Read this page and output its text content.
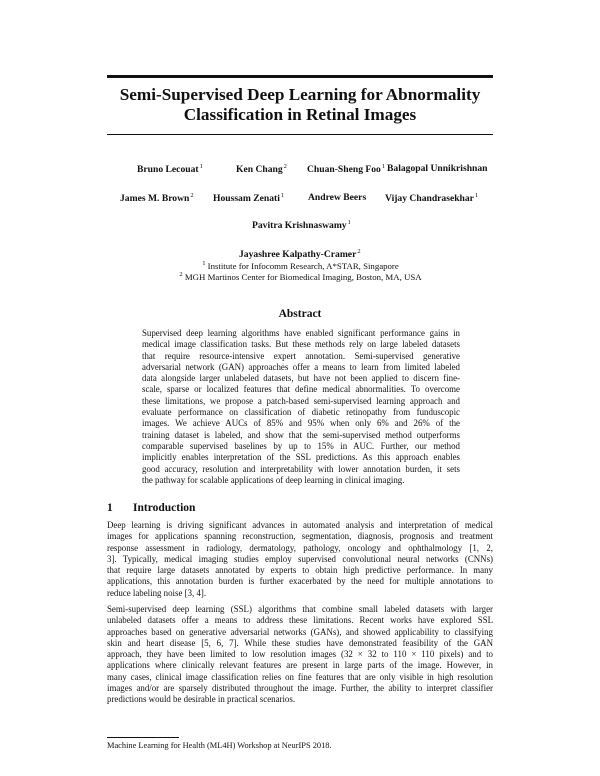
Semi-Supervised Deep Learning for Abnormality
Classification in Retinal Images
Bruno Lecouat$^1$	Ken Chang$^2$ Chuan-Sheng Foo$^1$ Balagopal Unnikrishnan
James M. Brown$^2$ Houssam Zenati$^1$ Andrew Beers Vijay Chandrasekhar$^1$
Pavitra Krishnaswamy$^1$
Jayashree Kalpathy-Cramer$^2$
$^1$ Institute for Infocomm Research, A*STAR, Singapore
$^2$ MGH Martinos Center for Biomedical Imaging, Boston, MA, USA
Abstract
Supervised deep learning algorithms have enabled significant performance gains in
medical image classification tasks. But these methods rely on large labeled datasets
that require resource-intensive expert annotation. Semi-supervised generative
adversarial network (GAN) approaches offer a means to learn from limited labeled
data alongside larger unlabeled datasets, but have not been applied to discern fine-
scale, sparse or localized features that define medical abnormalities. To overcome
these limitations, we propose a patch-based semi-supervised learning approach and
evaluate performance on classification of diabetic retinopathy from funduscopic
images. We achieve AUCs of 85% and 95% when only 6% and 26% of the
training dataset is labeled, and show that the semi-supervised method outperforms
comparable supervised baselines by up to 15% in AUC. Further, our method
implicitly enables interpretation of the SSL predictions. As this approach enables
good accuracy, resolution and interpretability with lower annotation burden, it sets
the pathway for scalable applications of deep learning in clinical imaging.
1 Introduction
Deep learning is driving significant advances in automated analysis and interpretation of medical
images for applications spanning reconstruction, segmentation, diagnosis, prognosis and treatment
response assessment in radiology, dermatology, pathology, oncology and ophthalmology [1, 2,
3]. Typically, medical imaging studies employ supervised convolutional neural networks (CNNs)
that require large datasets annotated by experts to obtain high predictive performance. In many
applications, this annotation burden is further exacerbated by the need for multiple annotations to
reduce labeling noise [3, 4].
Semi-supervised deep learning (SSL) algorithms that combine small labeled datasets with larger
unlabeled datasets offer a means to address these limitations. Recent works have explored SSL
approaches based on generative adversarial networks (GANs), and showed applicability to classifying
skin and heart disease [5, 6, 7]. While these studies have demonstrated feasibility of the GAN
approach, they have been limited to low resolution images (32 × 32 to 110 × 110 pixels) and to
applications where clinically relevant features are present in large parts of the image. However, in
many cases, clinical image classification relies on fine features that are only visible in high resolution
images and/or are sparsely distributed throughout the image. Further, the ability to interpret classifier
predictions would be desirable in practical scenarios.
Machine Learning for Health (ML4H) Workshop at NeurIPS 2018.
